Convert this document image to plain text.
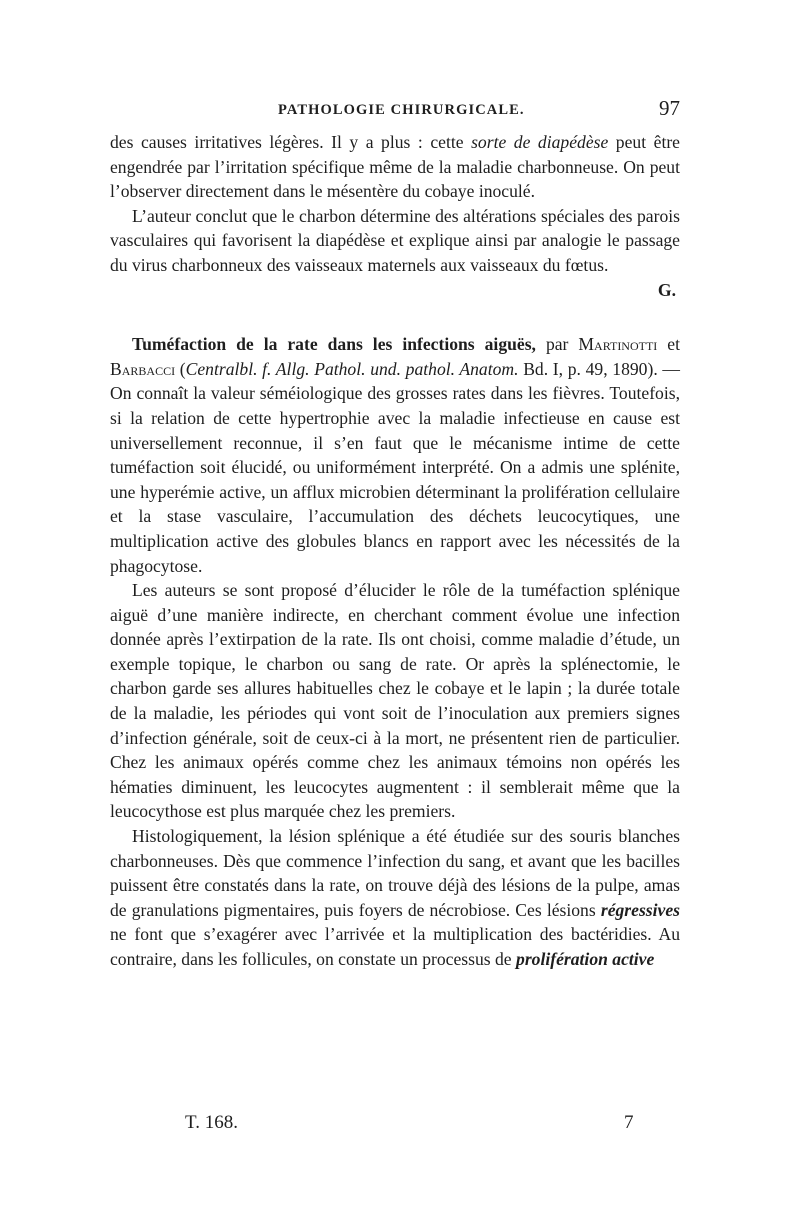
PATHOLOGIE CHIRURGICALE.	97

des causes irritatives légères. Il y a plus : cette sorte de diapédèse peut être engendrée par l’irritation spécifique même de la maladie charbonneuse. On peut l’observer directement dans le mésentère du cobaye inoculé.

L’auteur conclut que le charbon détermine des altérations spéciales des parois vasculaires qui favorisent la diapédèse et explique ainsi par analogie le passage du virus charbonneux des vaisseaux maternels aux vaisseaux du fœtus.

G.

Tuméfaction de la rate dans les infections aiguës, par Martinotti et Barbacci (Centralbl. f. Allg. Pathol. und. pathol. Anatom. Bd. I, p. 49, 1890). — On connaît la valeur séméiologique des grosses rates dans les fièvres. Toutefois, si la relation de cette hypertrophie avec la maladie infectieuse en cause est universellement reconnue, il s’en faut que le mécanisme intime de cette tuméfaction soit élucidé, ou uniformément interprété. On a admis une splénite, une hyperémie active, un afflux microbien déterminant la prolifération cellulaire et la stase vasculaire, l’accumulation des déchets leucocytiques, une multiplication active des globules blancs en rapport avec les nécessités de la phagocytose.

Les auteurs se sont proposé d’élucider le rôle de la tuméfaction splénique aiguë d’une manière indirecte, en cherchant comment évolue une infection donnée après l’extirpation de la rate. Ils ont choisi, comme maladie d’étude, un exemple topique, le charbon ou sang de rate. Or après la splénectomie, le charbon garde ses allures habituelles chez le cobaye et le lapin ; la durée totale de la maladie, les périodes qui vont soit de l’inoculation aux premiers signes d’infection générale, soit de ceux-ci à la mort, ne présentent rien de particulier. Chez les animaux opérés comme chez les animaux témoins non opérés les hématies diminuent, les leucocytes augmentent : il semblerait même que la leucocythose est plus marquée chez les premiers.

Histologiquement, la lésion splénique a été étudiée sur des souris blanches charbonneuses. Dès que commence l’infection du sang, et avant que les bacilles puissent être constatés dans la rate, on trouve déjà des lésions de la pulpe, amas de granulations pigmentaires, puis foyers de nécrobiose. Ces lésions régressives ne font que s’exagérer avec l’arrivée et la multiplication des bactéridies. Au contraire, dans les follicules, on constate un processus de prolifération active

T. 168.	7
